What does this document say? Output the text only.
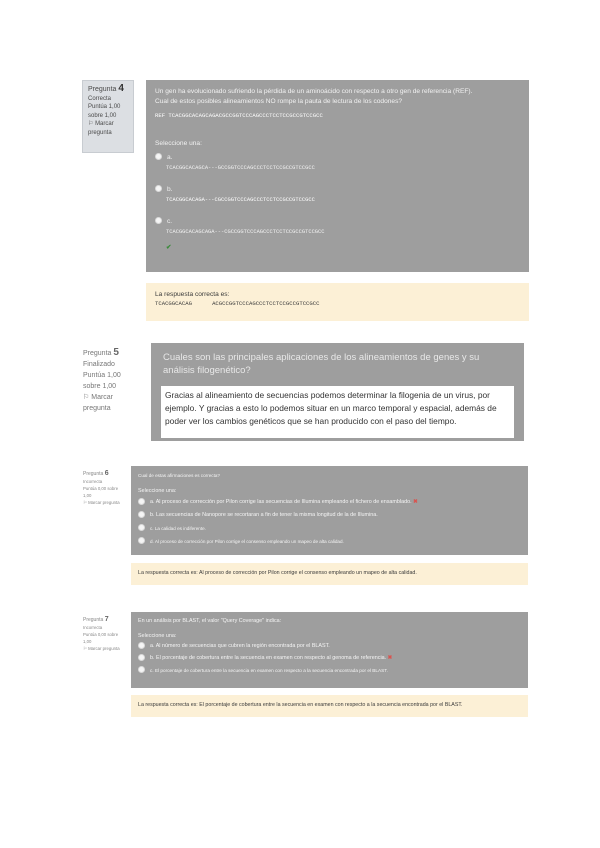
Pregunta 4
Correcta
Puntúa 1,00 sobre 1,00
⚐ Marcar pregunta
Un gen ha evolucionado sufriendo la pérdida de un aminoácido con respecto a otro gen de referencia (REF).
Cual de estos posibles alineamientos NO rompe la pauta de lectura de los codones?
REF TCACGGCACAGCAGACGCCGGTCCCAGCCCTCCTCCGCCGTCCGCC
Seleccione una:
a.
TCACGGCACAGCA---GCCGGTCCCAGCCCTCCTCCGCCGTCCGCC
b.
TCACGGCACAGA---CGCCGGTCCCAGCCCTCCTCCGCCGTCCGCC
c.
TCACGGCACAGCAGA---CGCCGGTCCCAGCCCTCCTCCGCCGTCCGCC
✔
La respuesta correcta es:
TCACGGCACAG      ACGCCGGTCCCAGCCCTCCTCCGCCGTCCGCC
Pregunta 5
Finalizado
Puntúa 1,00 sobre 1,00
⚐ Marcar pregunta
Cuales son las principales aplicaciones de los alineamientos de genes y su análisis filogenético?
Gracias al alineamiento de secuencias podemos determinar la filogenia de un virus, por ejemplo. Y gracias a esto lo podemos situar en un marco temporal y espacial, además de poder ver los cambios genéticos que se han producido con el paso del tiempo.
Pregunta 6
Incorrecta
Puntúa 0,00 sobre 1,00
⚐ Marcar pregunta
Cual de estas afirmaciones es correcta?
Seleccione una:
a. Al proceso de corrección por Pilon corrige las secuencias de Illumina empleando el fichero de ensamblado.
✖
b. Las secuencias de Nanopore se recortaran a fin de tener la misma longitud de la de Illumina.
c. La calidad es indiferente.
d. Al proceso de corrección por Pilon corrige el consenso empleando un mapeo de alta calidad.
La respuesta correcta es: Al proceso de corrección por Pilon corrige el consenso empleando un mapeo de alta calidad.
Pregunta 7
Incorrecta
Puntúa 0,00 sobre 1,00
⚐ Marcar pregunta
En un análisis por BLAST, el valor "Query Coverage" indica:
Seleccione una:
a. Al número de secuencias que cubren la región encontrada por el BLAST.
b. El porcentaje de cobertura entre la secuencia en examen con respecto al genoma de referencia.
✖
c. El porcentaje de cobertura entre la secuencia en examen con respecto a la secuencia encontrada por el BLAST.
La respuesta correcta es: El porcentaje de cobertura entre la secuencia en examen con respecto a la secuencia encontrada por el BLAST.
